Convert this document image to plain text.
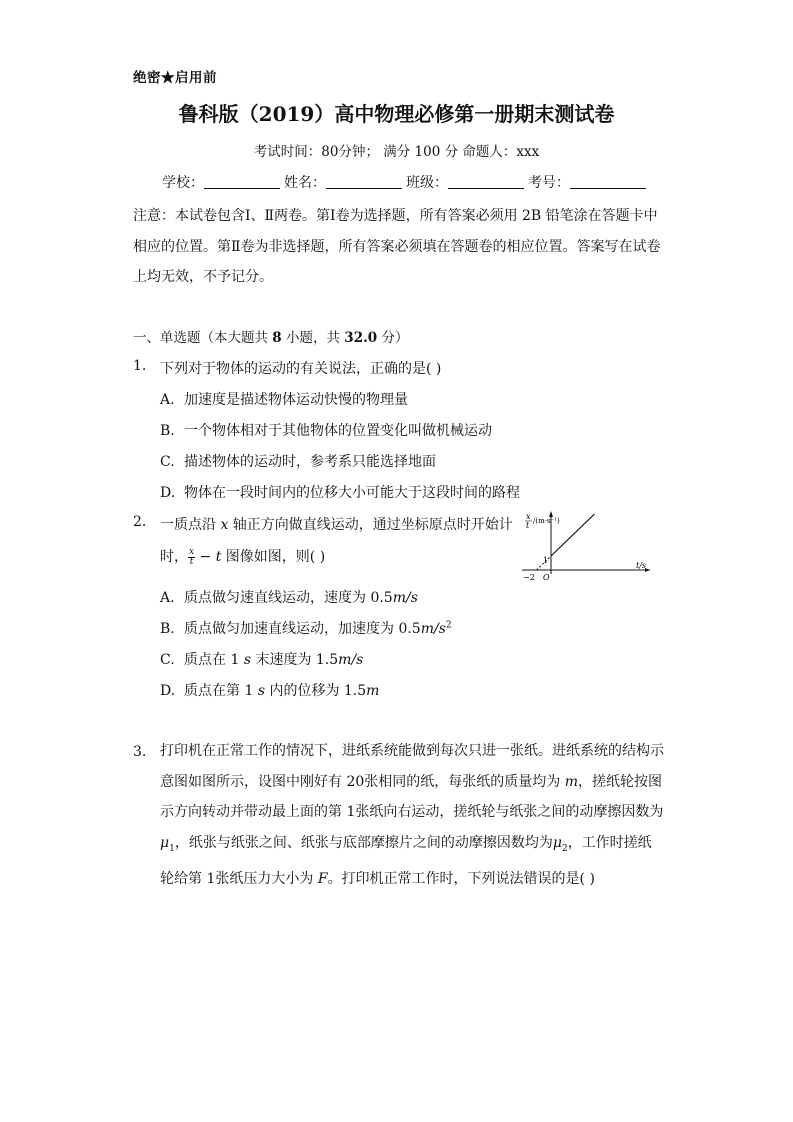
绝密★启用前
鲁科版（2019）高中物理必修第一册期末测试卷
考试时间：80分钟； 满分 100 分 命题人：xxx
学校：	姓名：	班级：	考号：
注意：本试卷包含Ⅰ、Ⅱ两卷。第Ⅰ卷为选择题，所有答案必须用 2B 铅笔涂在答题卡中相应的位置。第Ⅱ卷为非选择题，所有答案必须填在答题卷的相应位置。答案写在试卷上均无效，不予记分。
一、单选题（本大题共 8 小题，共 32.0 分）
1. 下列对于物体的运动的有关说法，正确的是( )
A. 加速度是描述物体运动快慢的物理量
B. 一个物体相对于其他物体的位置变化叫做机械运动
C. 描述物体的运动时，参考系只能选择地面
D. 物体在一段时间内的位移大小可能大于这段时间的路程
2. 一质点沿 x 轴正方向做直线运动，通过坐标原点时开始计
时， $\frac{x}{t} - t$ 图像如图，则( )
x
t /(m·s⁻¹)
t/s
1
−2 O
A. 质点做匀速直线运动，速度为 0.5m/s
B. 质点做匀加速直线运动，加速度为 $0.5m/s^2$
C. 质点在 1 s 末速度为 1.5m/s
D. 质点在第 1 s 内的位移为 1.5m
3. 打印机在正常工作的情况下，进纸系统能做到每次只进一张纸。进纸系统的结构示意图如图所示，设图中刚好有 20张相同的纸，每张纸的质量均为 m，搓纸轮按图示方向转动并带动最上面的第 1张纸向右运动，搓纸轮与纸张之间的动摩擦因数为$\mu_1$，纸张与纸张之间、纸张与底部摩擦片之间的动摩擦因数均为$\mu_2$，工作时搓纸轮给第 1张纸压力大小为 F。打印机正常工作时，下列说法错误的是( )
